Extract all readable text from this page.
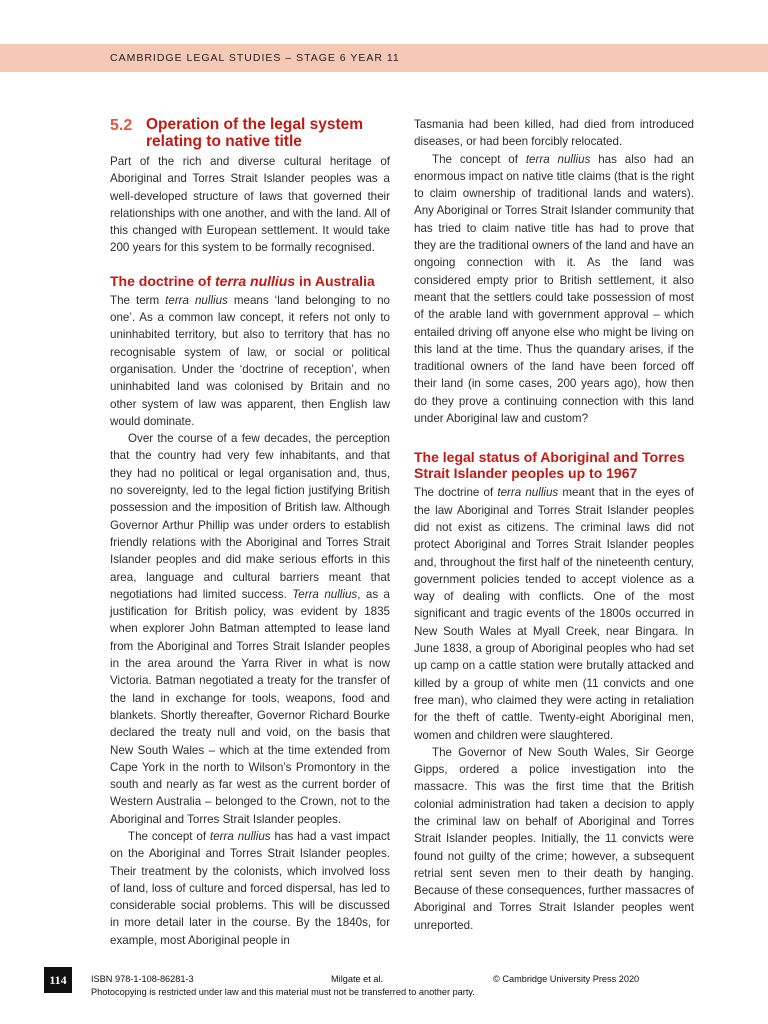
CAMBRIDGE LEGAL STUDIES – STAGE 6 YEAR 11
5.2 Operation of the legal system relating to native title

Part of the rich and diverse cultural heritage of Aboriginal and Torres Strait Islander peoples was a well-developed structure of laws that governed their relationships with one another, and with the land. All of this changed with European settlement. It would take 200 years for this system to be formally recognised.

The doctrine of terra nullius in Australia

The term terra nullius means ‘land belonging to no one’. As a common law concept, it refers not only to uninhabited territory, but also to territory that has no recognisable system of law, or social or political organisation. Under the ‘doctrine of reception’, when uninhabited land was colonised by Britain and no other system of law was apparent, then English law would dominate.

Over the course of a few decades, the perception that the country had very few inhabitants, and that they had no political or legal organisation and, thus, no sovereignty, led to the legal fiction justifying British possession and the imposition of British law. Although Governor Arthur Phillip was under orders to establish friendly relations with the Aboriginal and Torres Strait Islander peoples and did make serious efforts in this area, language and cultural barriers meant that negotiations had limited success. Terra nullius, as a justification for British policy, was evident by 1835 when explorer John Batman attempted to lease land from the Aboriginal and Torres Strait Islander peoples in the area around the Yarra River in what is now Victoria. Batman negotiated a treaty for the transfer of the land in exchange for tools, weapons, food and blankets. Shortly thereafter, Governor Richard Bourke declared the treaty null and void, on the basis that New South Wales – which at the time extended from Cape York in the north to Wilson’s Promontory in the south and nearly as far west as the current border of Western Australia – belonged to the Crown, not to the Aboriginal and Torres Strait Islander peoples.

The concept of terra nullius has had a vast impact on the Aboriginal and Torres Strait Islander peoples. Their treatment by the colonists, which involved loss of land, loss of culture and forced dispersal, has led to considerable social problems. This will be discussed in more detail later in the course. By the 1840s, for example, most Aboriginal people in

Tasmania had been killed, had died from introduced diseases, or had been forcibly relocated.

The concept of terra nullius has also had an enormous impact on native title claims (that is the right to claim ownership of traditional lands and waters). Any Aboriginal or Torres Strait Islander community that has tried to claim native title has had to prove that they are the traditional owners of the land and have an ongoing connection with it. As the land was considered empty prior to British settlement, it also meant that the settlers could take possession of most of the arable land with government approval – which entailed driving off anyone else who might be living on this land at the time. Thus the quandary arises, if the traditional owners of the land have been forced off their land (in some cases, 200 years ago), how then do they prove a continuing connection with this land under Aboriginal law and custom?

The legal status of Aboriginal and Torres Strait Islander peoples up to 1967

The doctrine of terra nullius meant that in the eyes of the law Aboriginal and Torres Strait Islander peoples did not exist as citizens. The criminal laws did not protect Aboriginal and Torres Strait Islander peoples and, throughout the first half of the nineteenth century, government policies tended to accept violence as a way of dealing with conflicts. One of the most significant and tragic events of the 1800s occurred in New South Wales at Myall Creek, near Bingara. In June 1838, a group of Aboriginal peoples who had set up camp on a cattle station were brutally attacked and killed by a group of white men (11 convicts and one free man), who claimed they were acting in retaliation for the theft of cattle. Twenty-eight Aboriginal men, women and children were slaughtered.

The Governor of New South Wales, Sir George Gipps, ordered a police investigation into the massacre. This was the first time that the British colonial administration had taken a decision to apply the criminal law on behalf of Aboriginal and Torres Strait Islander peoples. Initially, the 11 convicts were found not guilty of the crime; however, a subsequent retrial sent seven men to their death by hanging. Because of these consequences, further massacres of Aboriginal and Torres Strait Islander peoples went unreported.

114	ISBN 978-1-108-86281-3	Milgate et al.	© Cambridge University Press 2020
Photocopying is restricted under law and this material must not be transferred to another party.
